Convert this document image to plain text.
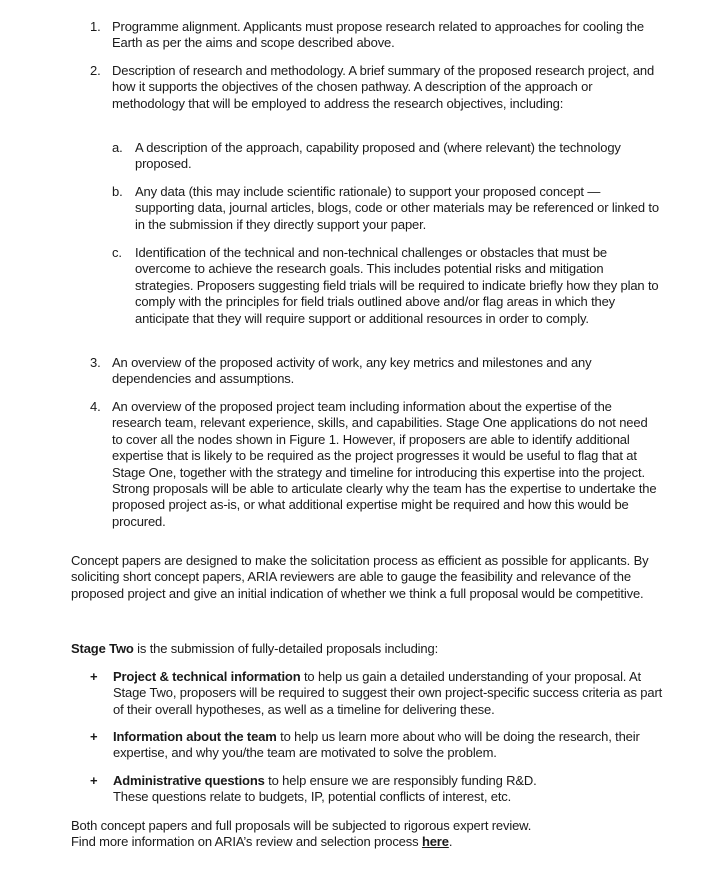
1. Programme alignment. Applicants must propose research related to approaches for cooling the Earth as per the aims and scope described above.
2. Description of research and methodology. A brief summary of the proposed research project, and how it supports the objectives of the chosen pathway. A description of the approach or methodology that will be employed to address the research objectives, including:
a. A description of the approach, capability proposed and (where relevant) the technology proposed.
b. Any data (this may include scientific rationale) to support your proposed concept — supporting data, journal articles, blogs, code or other materials may be referenced or linked to in the submission if they directly support your paper.
c. Identification of the technical and non-technical challenges or obstacles that must be overcome to achieve the research goals. This includes potential risks and mitigation strategies. Proposers suggesting field trials will be required to indicate briefly how they plan to comply with the principles for field trials outlined above and/or flag areas in which they anticipate that they will require support or additional resources in order to comply.
3. An overview of the proposed activity of work, any key metrics and milestones and any dependencies and assumptions.
4. An overview of the proposed project team including information about the expertise of the research team, relevant experience, skills, and capabilities. Stage One applications do not need to cover all the nodes shown in Figure 1. However, if proposers are able to identify additional expertise that is likely to be required as the project progresses it would be useful to flag that at Stage One, together with the strategy and timeline for introducing this expertise into the project. Strong proposals will be able to articulate clearly why the team has the expertise to undertake the proposed project as-is, or what additional expertise might be required and how this would be procured.

Concept papers are designed to make the solicitation process as efficient as possible for applicants. By soliciting short concept papers, ARIA reviewers are able to gauge the feasibility and relevance of the proposed project and give an initial indication of whether we think a full proposal would be competitive.

Stage Two is the submission of fully-detailed proposals including:

+ Project & technical information to help us gain a detailed understanding of your proposal. At Stage Two, proposers will be required to suggest their own project-specific success criteria as part of their overall hypotheses, as well as a timeline for delivering these.
+ Information about the team to help us learn more about who will be doing the research, their expertise, and why you/the team are motivated to solve the problem.
+ Administrative questions to help ensure we are responsibly funding R&D.
These questions relate to budgets, IP, potential conflicts of interest, etc.

Both concept papers and full proposals will be subjected to rigorous expert review.
Find more information on ARIA’s review and selection process here.
